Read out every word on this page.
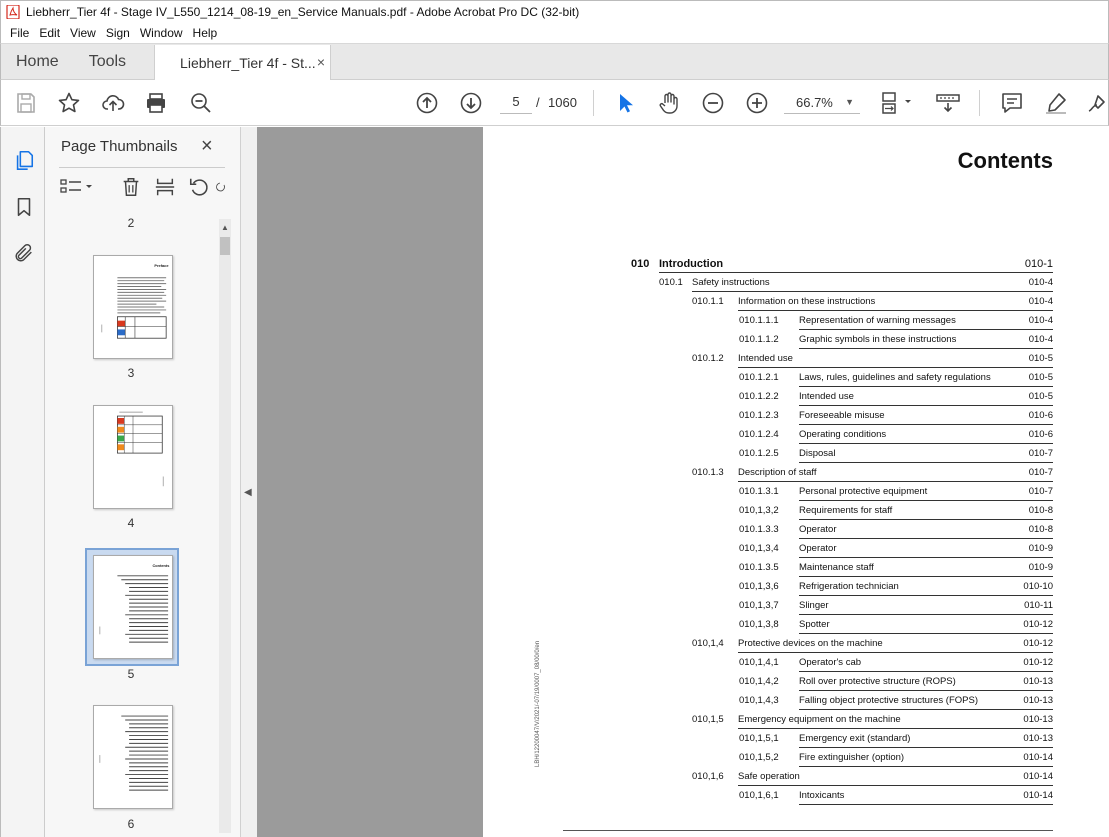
Liebherr_Tier 4f - Stage IV_L550_1214_08-19_en_Service Manuals.pdf - Adobe Acrobat Pro DC (32-bit)
File Edit View Sign Window Help
Home	Tools	Liebherr_Tier 4f - St... ×
5
/ 1060	66.7% ▼
Page Thumbnails ×
▲
2
Preface
3
4
Contents
5
6
◀
Contents
LBH/12200047/V/2021/-07/19/0007_08/00/0/en
010 Introduction	010-1
010.1 Safety instructions	010-4
010.1.1 Information on these instructions	010-4
010.1.1.1 Representation of warning messages	010-4
010.1.1.2 Graphic symbols in these instructions	010-4
010.1.2 Intended use	010-5
010.1.2.1 Laws, rules, guidelines and safety regulations	010-5
010.1.2.2 Intended use	010-5
010.1.2.3 Foreseeable misuse	010-6
010.1.2.4 Operating conditions	010-6
010.1.2.5 Disposal	010-7
010.1.3 Description of staff	010-7
010.1.3.1 Personal protective equipment	010-7
010,1,3,2 Requirements for staff	010-8
010.1.3.3 Operator	010-8
010,1,3,4 Operator	010-9
010.1.3.5 Maintenance staff	010-9
010,1,3,6 Refrigeration technician	010-10
010,1,3,7 Slinger	010-11
010,1,3,8 Spotter	010-12
010,1,4 Protective devices on the machine	010-12
010,1,4,1 Operator's cab	010-12
010,1,4,2 Roll over protective structure (ROPS)	010-13
010,1,4,3 Falling object protective structures (FOPS)	010-13
010,1,5 Emergency equipment on the machine	010-13
010,1,5,1 Emergency exit (standard)	010-13
010,1,5,2 Fire extinguisher (option)	010-14
010,1,6 Safe operation	010-14
010,1,6,1 Intoxicants	010-14
